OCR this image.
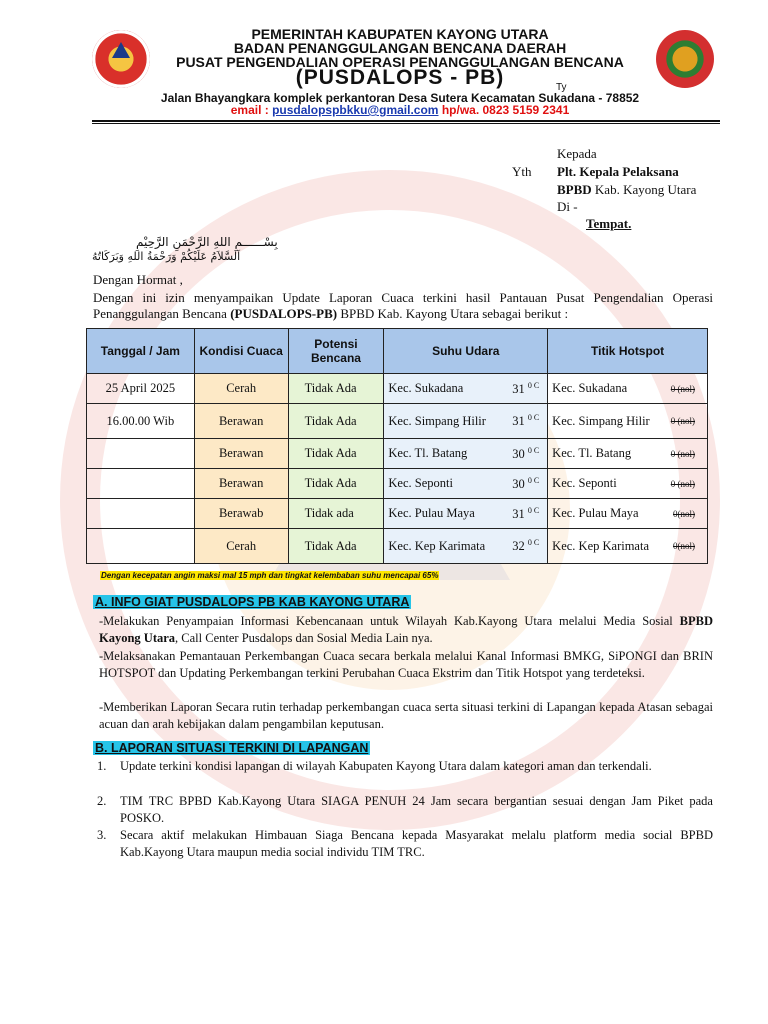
PEMERINTAH KABUPATEN KAYONG UTARA
BADAN PENANGGULANGAN BENCANA DAERAH
PUSAT PENGENDALIAN OPERASI PENANGGULANGAN BENCANA
(PUSDALOPS - PB)
Jalan Bhayangkara komplek perkantoran Desa Sutera Kecamatan Sukadana - 78852
email : pusdalopspbkku@gmail.com hp/wa. 0823 5159 2341
Ty
Kepada
Yth Plt. Kepala Pelaksana
BPBD Kab. Kayong Utara
Di -
Tempat.
بِسْــــــمِ اللهِ الرَّحْمَنِ الرَّحِيْمِ
اَلسَّلاَمُ عَلَيْكُمْ وَرَحْمَةُ اللهِ وَبَرَكَاتُهُ
Dengan Hormat ,
Dengan ini izin menyampaikan Update Laporan Cuaca terkini hasil Pantauan Pusat Pengendalian Operasi Penanggulangan Bencana (PUSDALOPS-PB) BPBD Kab. Kayong Utara sebagai berikut :
Tanggal / Jam	Kondisi Cuaca	Potensi Bencana	Suhu Udara	Titik Hotspot
25 April 2025	Cerah	Tidak Ada	Kec. Sukadana 31 $^{0 C}$	Kec. Sukadana 0 (nol)

16.00.00 Wib	Berawan	Tidak Ada	Kec. Simpang Hilir 31 $^{0 C}$	Kec. Simpang Hilir 0 (nol)

	Berawan	Tidak Ada	Kec. Tl. Batang 30 $^{0 C}$	Kec. Tl. Batang 0 (nol)

	Berawan	Tidak Ada	Kec. Seponti 30 $^{0 C}$	Kec. Seponti 0 (nol)

	Berawab	Tidak ada	Kec. Pulau Maya 31 $^{0 C}$	Kec. Pulau Maya 0(nol)

	Cerah	Tidak Ada	Kec. Kep Karimata 32 $^{0 C}$	Kec. Kep Karimata 0(nol)
Dengan kecepatan angin maksi mal 15 mph dan tingkat kelembaban suhu mencapai 65%
A. INFO GIAT PUSDALOPS PB KAB KAYONG UTARA
-Melakukan Penyampaian Informasi Kebencanaan untuk Wilayah Kab.Kayong Utara melalui Media Sosial BPBD Kayong Utara, Call Center Pusdalops dan Sosial Media Lain nya.
-Melaksanakan Pemantauan Perkembangan Cuaca secara berkala melalui Kanal Informasi BMKG, SiPONGI dan BRIN HOTSPOT dan Updating Perkembangan terkini Perubahan Cuaca Ekstrim dan Titik Hotspot yang terdeteksi.
-Memberikan Laporan Secara rutin terhadap perkembangan cuaca serta situasi terkini di Lapangan kepada Atasan sebagai acuan dan arah kebijakan dalam pengambilan keputusan.
B. LAPORAN SITUASI TERKINI DI LAPANGAN
1. Update terkini kondisi lapangan di wilayah Kabupaten Kayong Utara dalam kategori aman dan terkendali.
2. TIM TRC BPBD Kab.Kayong Utara SIAGA PENUH 24 Jam secara bergantian sesuai dengan Jam Piket pada POSKO.
3. Secara aktif melakukan Himbauan Siaga Bencana kepada Masyarakat melalu platform media social BPBD Kab.Kayong Utara maupun media social individu TIM TRC.
